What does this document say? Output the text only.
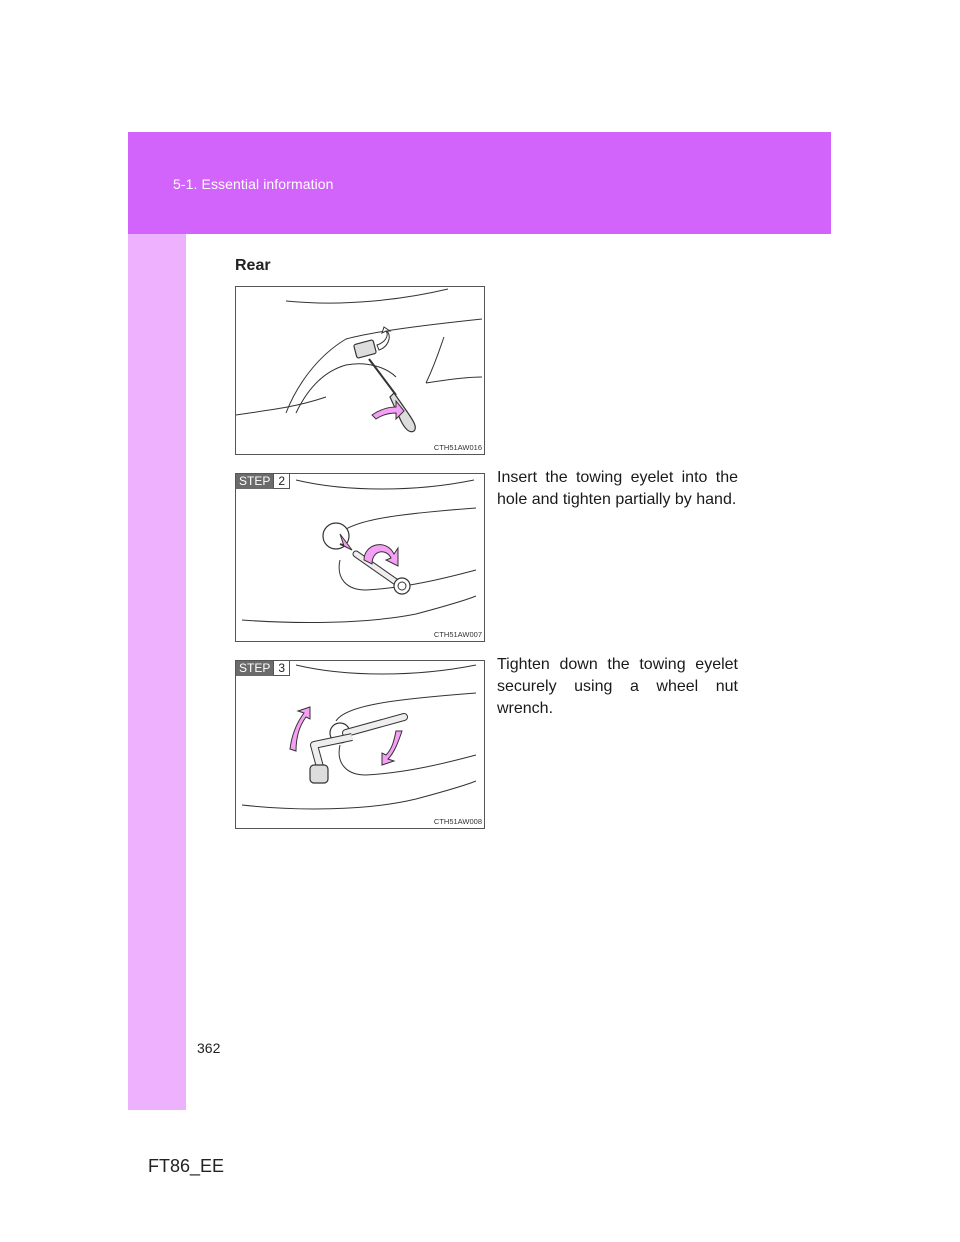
5-1. Essential information
Rear
CTH51AW016
STEP 2
CTH51AW007
STEP 3
CTH51AW008
Insert the towing eyelet into the hole and tighten partially by hand.
Tighten down the towing eyelet securely using a wheel nut wrench.
362
FT86_EE
